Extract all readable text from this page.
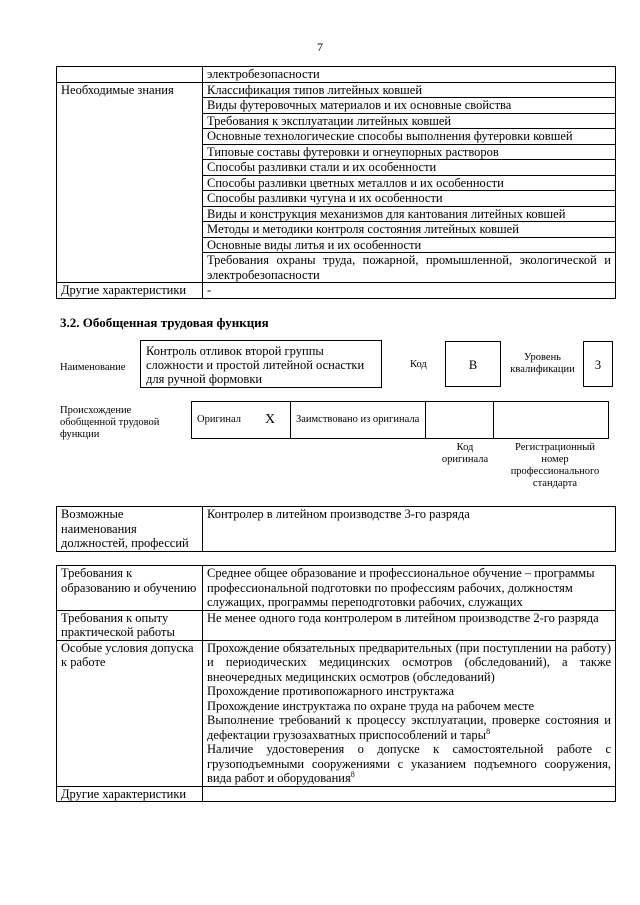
7
	электробезопасности
Необходимые знания	Классификация типов литейных ковшей
	Виды футеровочных материалов и их основные свойства
	Требования к эксплуатации литейных ковшей
	Основные технологические способы выполнения футеровки ковшей
	Типовые составы футеровки и огнеупорных растворов
	Способы разливки стали и их особенности
	Способы разливки цветных металлов и их особенности
	Способы разливки чугуна и их особенности
	Виды и конструкция механизмов для кантования литейных ковшей
	Методы и методики контроля состояния литейных ковшей
	Основные виды литья и их особенности
	Требования охраны труда, пожарной, промышленной, экологической и электробезопасности
Другие характеристики	-
3.2. Обобщенная трудовая функция
Наименование
Контроль отливок второй группы сложности и простой литейной оснастки для ручной формовки
Код	В
Уровень квалификации	3
Происхождение обобщенной трудовой функции
Оригинал	X	Заимствовано из оригинала		
Код оригинала
Регистрационный номер профессионального стандарта
Возможные наименования должностей, профессий	Контролер в литейном производстве 3-го разряда
Требования к образованию и обучению	Среднее общее образование и профессиональное обучение – программы профессиональной подготовки по профессиям рабочих, должностям служащих, программы переподготовки рабочих, служащих
Требования к опыту практической работы	Не менее одного года контролером в литейном производстве 2-го разряда
Особые условия допуска к работе	Прохождение обязательных предварительных (при поступлении на работу) и периодических медицинских осмотров (обследований), а также внеочередных медицинских осмотров (обследований)
Прохождение противопожарного инструктажа
Прохождение инструктажа по охране труда на рабочем месте
Выполнение требований к процессу эксплуатации, проверке состояния и дефектации грузозахватных приспособлений и тары$^8$
Наличие удостоверения о допуске к самостоятельной работе с грузоподъемными сооружениями с указанием подъемного сооружения, вида работ и оборудования$^8$

Другие характеристики	
